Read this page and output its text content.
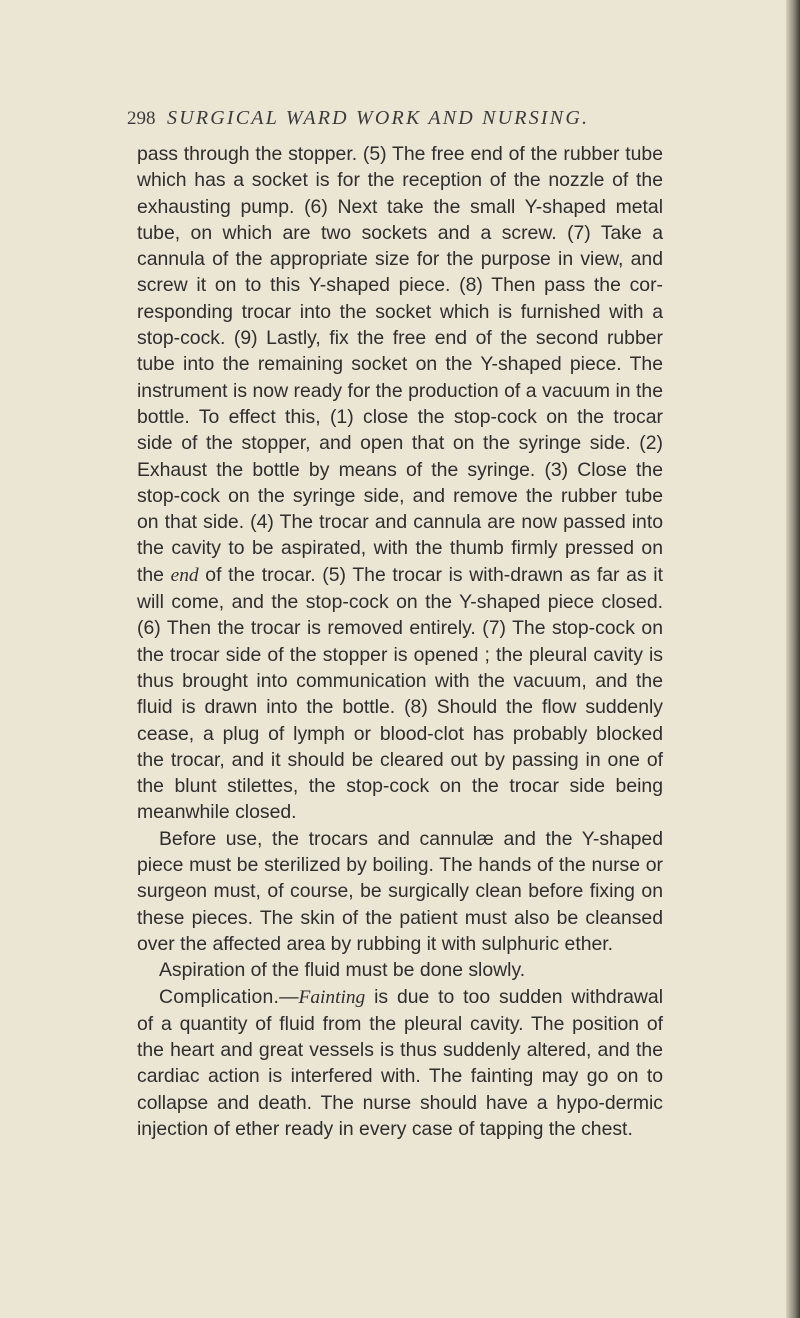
298 SURGICAL WARD WORK AND NURSING.

pass through the stopper. (5) The free end of the rubber tube which has a socket is for the reception of the nozzle of the exhausting pump. (6) Next take the small Y-shaped metal tube, on which are two sockets and a screw. (7) Take a cannula of the appropriate size for the purpose in view, and screw it on to this Y-shaped piece. (8) Then pass the cor-responding trocar into the socket which is furnished with a stop-cock. (9) Lastly, fix the free end of the second rubber tube into the remaining socket on the Y-shaped piece. The instrument is now ready for the production of a vacuum in the bottle. To effect this, (1) close the stop-cock on the trocar side of the stopper, and open that on the syringe side. (2) Exhaust the bottle by means of the syringe. (3) Close the stop-cock on the syringe side, and remove the rubber tube on that side. (4) The trocar and cannula are now passed into the cavity to be aspirated, with the thumb firmly pressed on the end of the trocar. (5) The trocar is with-drawn as far as it will come, and the stop-cock on the Y-shaped piece closed. (6) Then the trocar is removed entirely. (7) The stop-cock on the trocar side of the stopper is opened ; the pleural cavity is thus brought into communication with the vacuum, and the fluid is drawn into the bottle. (8) Should the flow suddenly cease, a plug of lymph or blood-clot has probably blocked the trocar, and it should be cleared out by passing in one of the blunt stilettes, the stop-cock on the trocar side being meanwhile closed.

Before use, the trocars and cannulæ and the Y-shaped piece must be sterilized by boiling. The hands of the nurse or surgeon must, of course, be surgically clean before fixing on these pieces. The skin of the patient must also be cleansed over the affected area by rubbing it with sulphuric ether.

Aspiration of the fluid must be done slowly.

Complication.—Fainting is due to too sudden withdrawal of a quantity of fluid from the pleural cavity. The position of the heart and great vessels is thus suddenly altered, and the cardiac action is interfered with. The fainting may go on to collapse and death. The nurse should have a hypo-dermic injection of ether ready in every case of tapping the chest.
